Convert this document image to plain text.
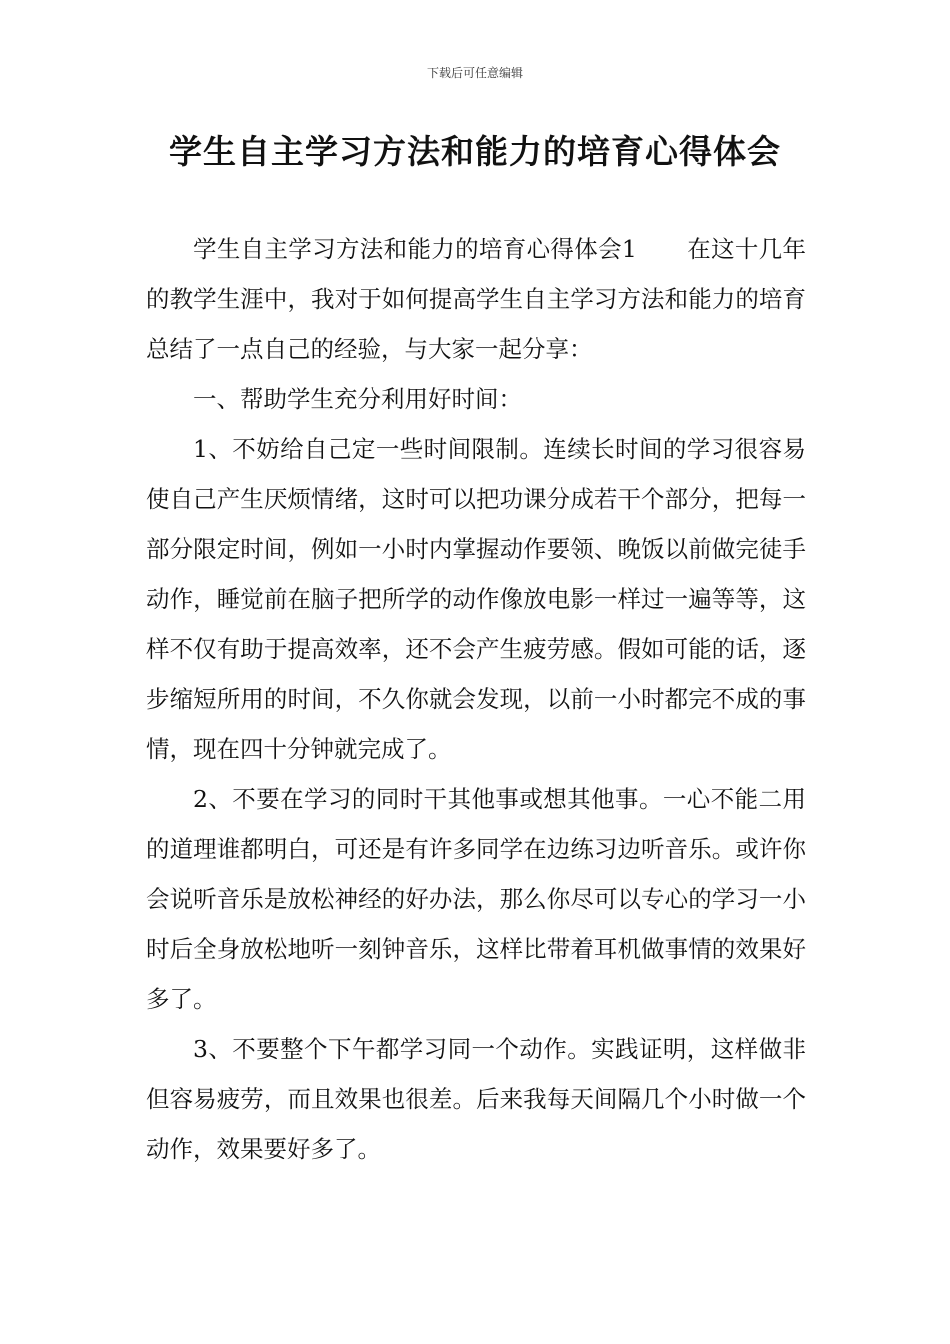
下载后可任意编辑

学生自主学习方法和能力的培育心得体会

学生自主学习方法和能力的培育心得体会1 在这十几年的教学生涯中，我对于如何提高学生自主学习方法和能力的培育总结了一点自己的经验，与大家一起分享：

一、帮助学生充分利用好时间：

1、不妨给自己定一些时间限制。连续长时间的学习很容易使自己产生厌烦情绪，这时可以把功课分成若干个部分，把每一部分限定时间，例如一小时内掌握动作要领、晚饭以前做完徒手动作，睡觉前在脑子把所学的动作像放电影一样过一遍等等，这样不仅有助于提高效率，还不会产生疲劳感。假如可能的话，逐步缩短所用的时间，不久你就会发现，以前一小时都完不成的事情，现在四十分钟就完成了。

2、不要在学习的同时干其他事或想其他事。一心不能二用的道理谁都明白，可还是有许多同学在边练习边听音乐。或许你会说听音乐是放松神经的好办法，那么你尽可以专心的学习一小时后全身放松地听一刻钟音乐，这样比带着耳机做事情的效果好多了。

3、不要整个下午都学习同一个动作。实践证明，这样做非但容易疲劳，而且效果也很差。后来我每天间隔几个小时做一个动作，效果要好多了。
